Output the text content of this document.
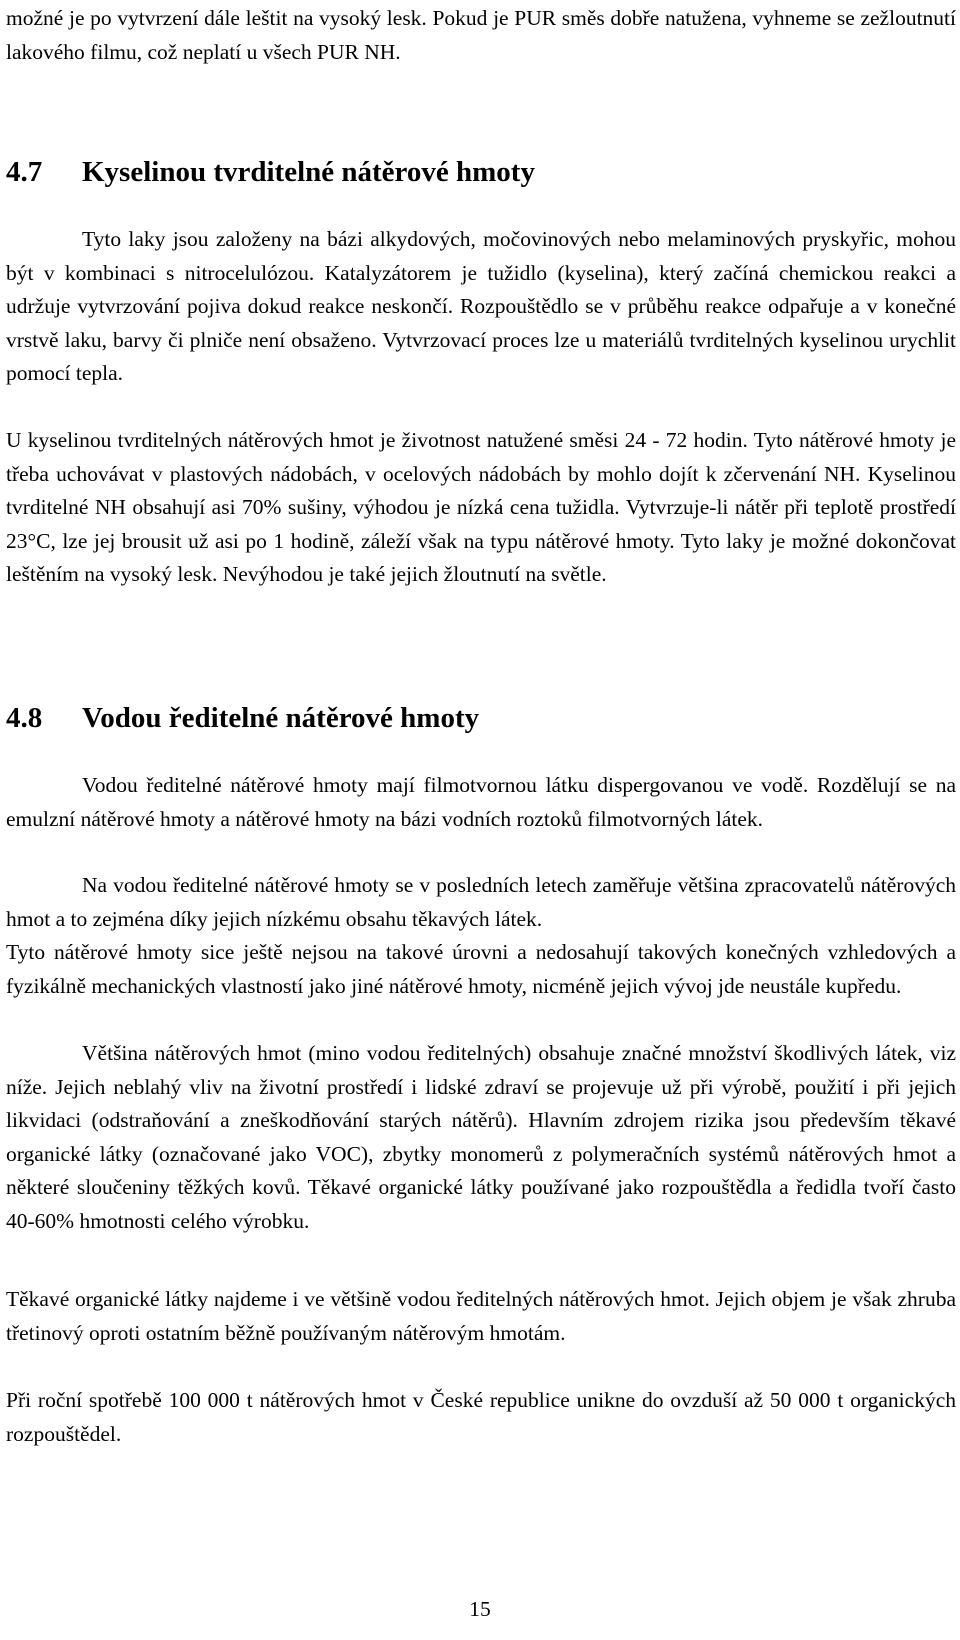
možné je po vytvrzení dále leštit na vysoký lesk. Pokud je PUR směs dobře natužena, vyhneme se zežloutnutí lakového filmu, což neplatí u všech PUR NH.

4.7 Kyselinou tvrditelné nátěrové hmoty

Tyto laky jsou založeny na bázi alkydových, močovinových nebo melaminových pryskyřic, mohou být v kombinaci s nitrocelulózou. Katalyzátorem je tužidlo (kyselina), který začíná chemickou reakci a udržuje vytvrzování pojiva dokud reakce neskončí. Rozpouštědlo se v průběhu reakce odpařuje a v konečné vrstvě laku, barvy či plniče není obsaženo. Vytvrzovací proces lze u materiálů tvrditelných kyselinou urychlit pomocí tepla.

U kyselinou tvrditelných nátěrových hmot je životnost natužené směsi 24 - 72 hodin. Tyto nátěrové hmoty je třeba uchovávat v plastových nádobách, v ocelových nádobách by mohlo dojít k zčervenání NH. Kyselinou tvrditelné NH obsahují asi 70% sušiny, výhodou je nízká cena tužidla. Vytvrzuje-li nátěr při teplotě prostředí 23°C, lze jej brousit už asi po 1 hodině, záleží však na typu nátěrové hmoty. Tyto laky je možné dokončovat leštěním na vysoký lesk. Nevýhodou je také jejich žloutnutí na světle.

4.8 Vodou ředitelné nátěrové hmoty

Vodou ředitelné nátěrové hmoty mají filmotvornou látku dispergovanou ve vodě. Rozdělují se na emulzní nátěrové hmoty a nátěrové hmoty na bázi vodních roztoků filmotvorných látek.

Na vodou ředitelné nátěrové hmoty se v posledních letech zaměřuje většina zpracovatelů nátěrových hmot a to zejména díky jejich nízkému obsahu těkavých látek.

Tyto nátěrové hmoty sice ještě nejsou na takové úrovni a nedosahují takových konečných vzhledových a fyzikálně mechanických vlastností jako jiné nátěrové hmoty, nicméně jejich vývoj jde neustále kupředu.

Většina nátěrových hmot (mino vodou ředitelných) obsahuje značné množství škodlivých látek, viz níže. Jejich neblahý vliv na životní prostředí i lidské zdraví se projevuje už při výrobě, použití i při jejich likvidaci (odstraňování a zneškodňování starých nátěrů). Hlavním zdrojem rizika jsou především těkavé organické látky (označované jako VOC), zbytky monomerů z polymeračních systémů nátěrových hmot a některé sloučeniny těžkých kovů. Těkavé organické látky používané jako rozpouštědla a ředidla tvoří často 40-60% hmotnosti celého výrobku.

Těkavé organické látky najdeme i ve většině vodou ředitelných nátěrových hmot. Jejich objem je však zhruba třetinový oproti ostatním běžně používaným nátěrovým hmotám.

Při roční spotřebě 100 000 t nátěrových hmot v České republice unikne do ovzduší až 50 000 t organických rozpouštědel.

15
